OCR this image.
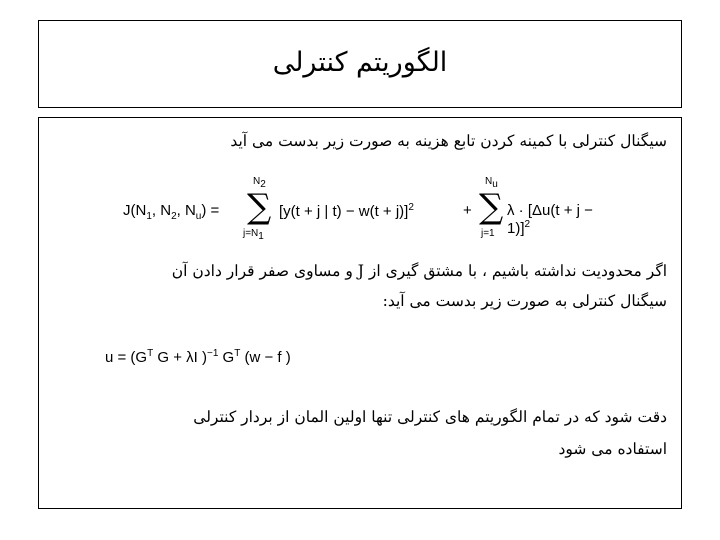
الگوریتم کنترلی
سیگنال کنترلی با کمینه کردن تابع هزینه به صورت زیر بدست می آید
$J(N_1$, $N_2$, $N_u$) =
$N_2$
∑
$j=N_1$
[y(t + j | t) − w(t + j)]$^2$	+
$N_u$
∑
j=1
$\lambda \cdot [\Delta u(t + j - 1)]^2$
اگر محدودیت نداشته باشیم ، با مشتق گیری از J و مساوی صفر قرار دادن آن
سیگنال کنترلی به صورت زیر بدست می آید:
$u = (G^T$ G + λI )$^{-1}$ $G^T$ (w − f )
دقت شود که در تمام الگوریتم های کنترلی تنها اولین المان از بردار کنترلی
استفاده می شود
